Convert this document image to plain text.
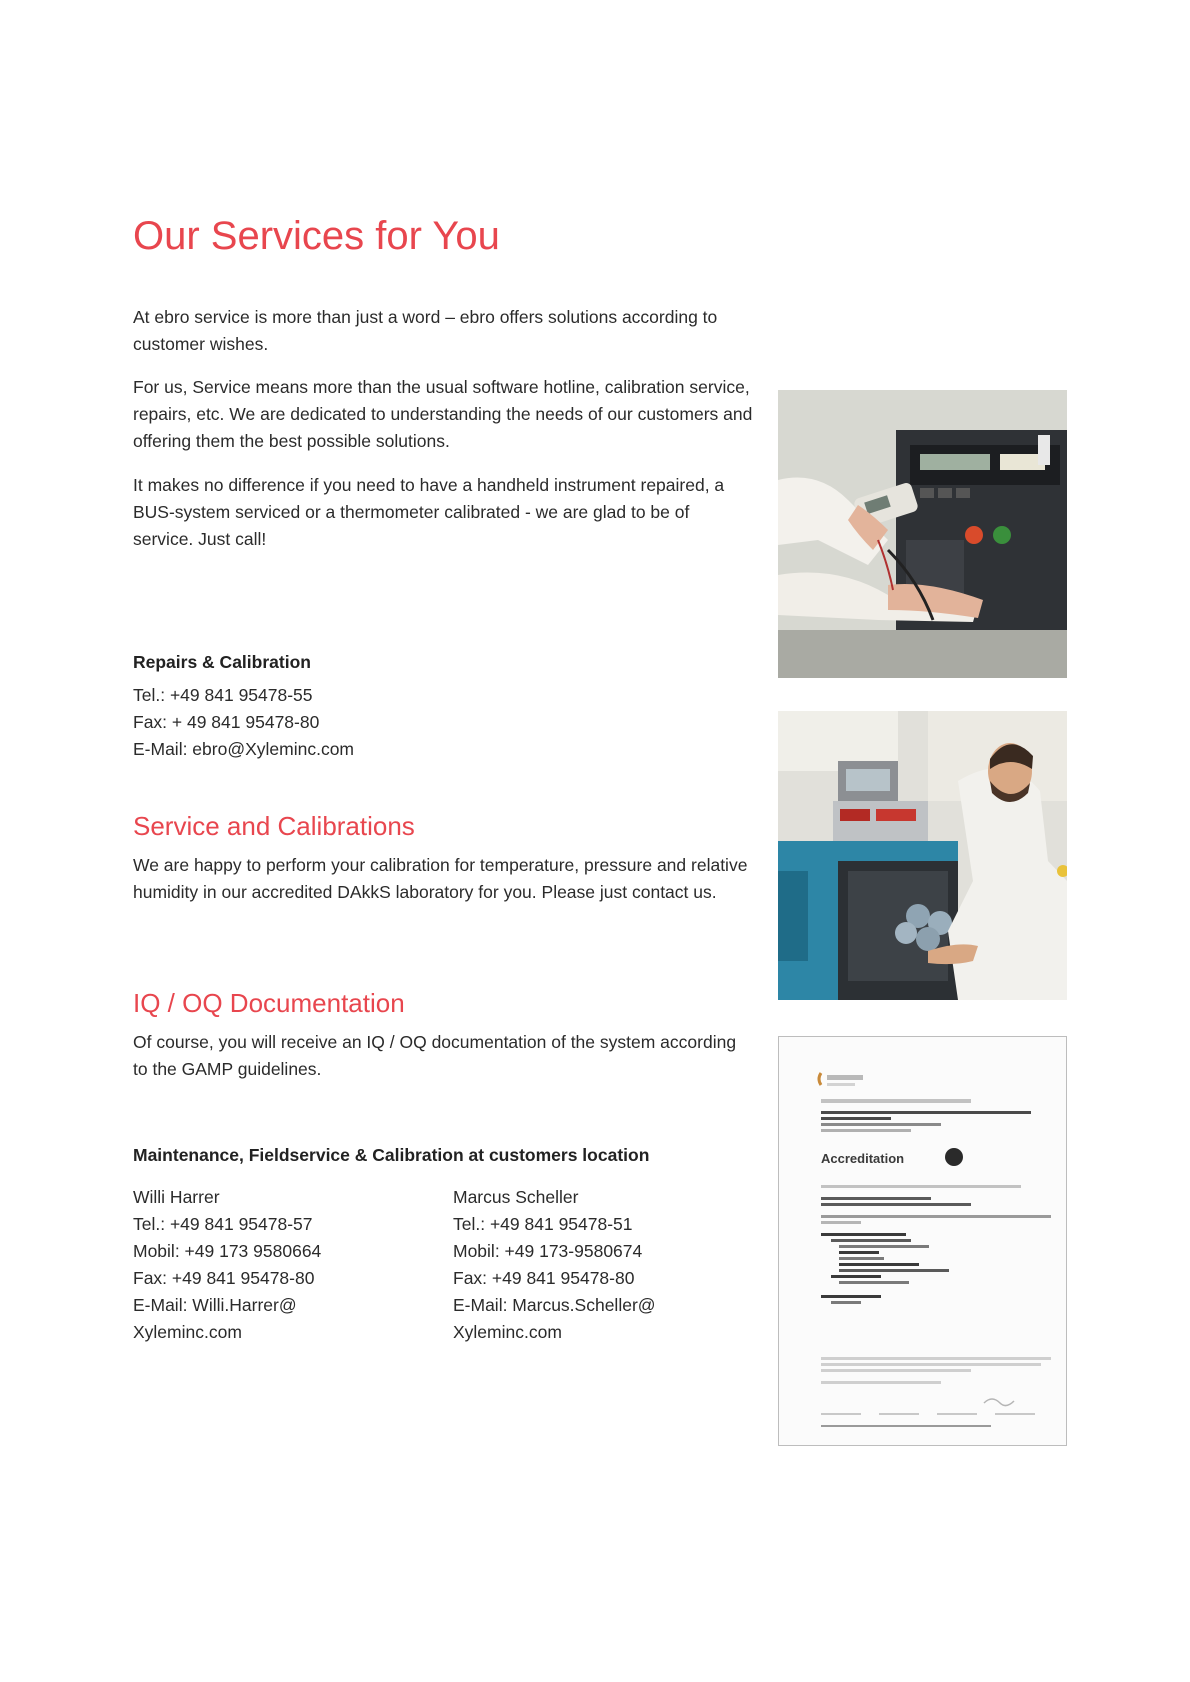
Our Services for You

At ebro service is more than just a word – ebro offers solutions according to customer wishes.

For us, Service means more than the usual software hotline, calibration service, repairs, etc. We are dedicated to understanding the needs of our customers and offering them the best possible solutions.

It makes no difference if you need to have a handheld instrument repaired, a BUS-system serviced or a thermometer calibrated - we are glad to be of service. Just call!

Repairs & Calibration
Tel.: +49 841 95478-55
Fax: + 49 841 95478-80
E-Mail: ebro@Xyleminc.com
Service and Calibrations

We are happy to perform your calibration for temperature, pressure and relative humidity in our accredited DAkkS laboratory for you. Please just contact us.

IQ / OQ Documentation

Of course, you will receive an IQ / OQ documentation of the system according to the GAMP guidelines.

Maintenance, Fieldservice & Calibration at customers location
Willi Harrer
Tel.: +49 841 95478-57
Mobil: +49 173 9580664
Fax: +49 841 95478-80
E-Mail: Willi.Harrer@
Xyleminc.com
Marcus Scheller
Tel.: +49 841 95478-51
Mobil: +49 173-9580674
Fax: +49 841 95478-80
E-Mail: Marcus.Scheller@
Xyleminc.com
Accreditation
